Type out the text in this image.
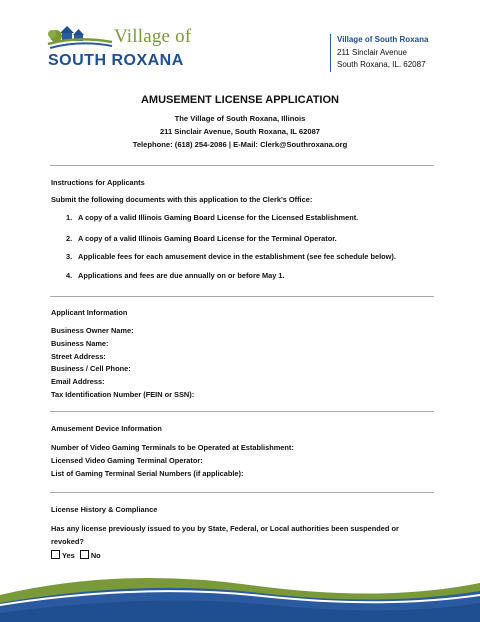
Village of
SOUTH ROXANA
Village of South Roxana
211 Sinclair Avenue
South Roxana, IL. 62087
AMUSEMENT LICENSE APPLICATION
The Village of South Roxana, Illinois
211 Sinclair Avenue, South Roxana, IL 62087
Telephone: (618) 254-2086 | E-Mail: Clerk@Southroxana.org
Instructions for Applicants
Submit the following documents with this application to the Clerk’s Office:
1. A copy of a valid Illinois Gaming Board License for the Licensed Establishment.
2. A copy of a valid Illinois Gaming Board License for the Terminal Operator.
3. Applicable fees for each amusement device in the establishment (see fee schedule below).
4. Applications and fees are due annually on or before May 1.
Applicant Information
Business Owner Name:
Business Name:
Street Address:
Business / Cell Phone:
Email Address:
Tax Identification Number (FEIN or SSN):
Amusement Device Information
Number of Video Gaming Terminals to be Operated at Establishment:
Licensed Video Gaming Terminal Operator:
List of Gaming Terminal Serial Numbers (if applicable):
License History & Compliance
Has any license previously issued to you by State, Federal, or Local authorities been suspended or
revoked?
Yes No
